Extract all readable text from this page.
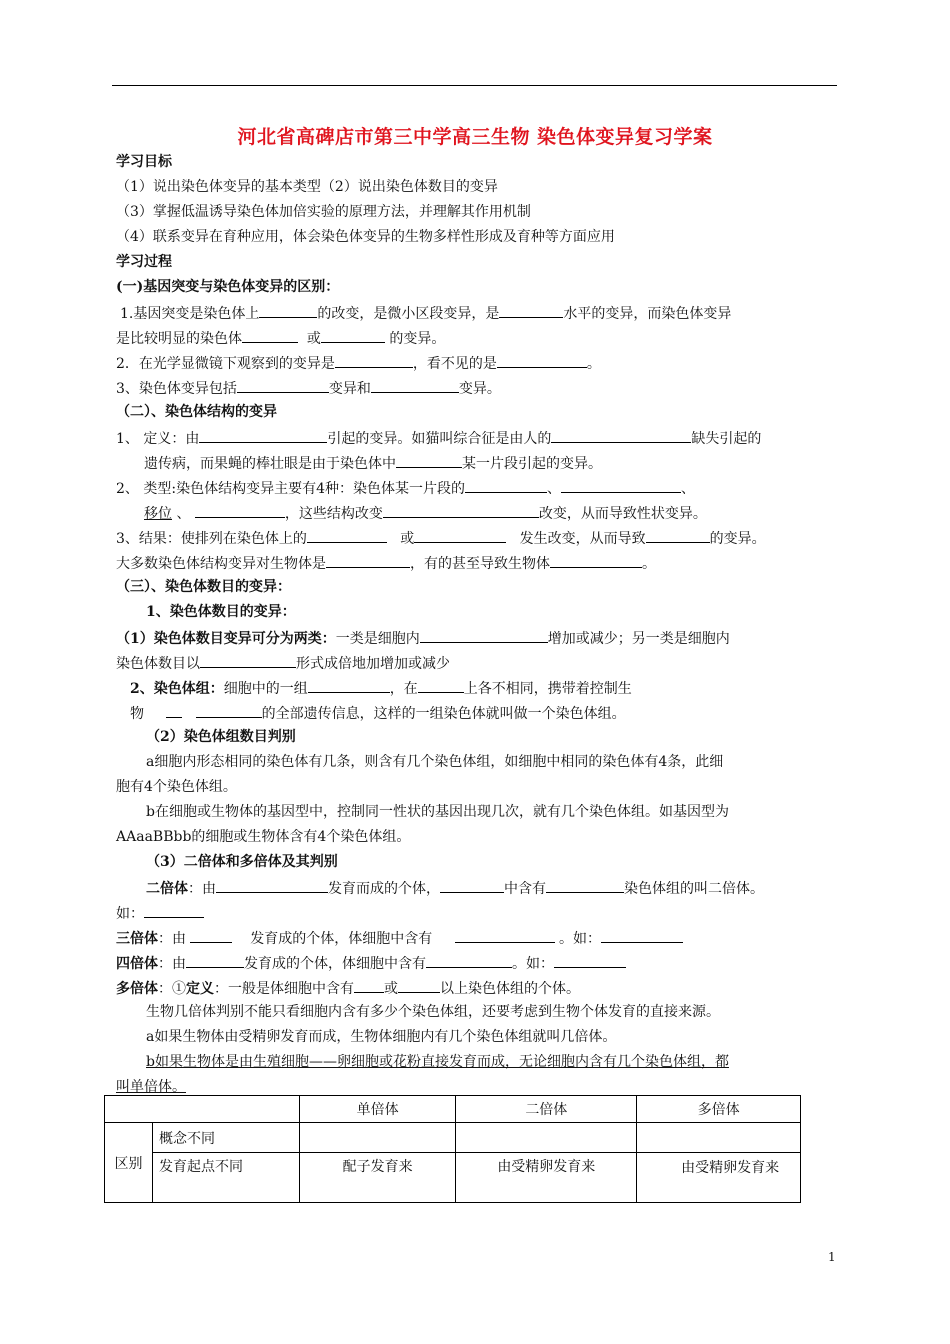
河北省高碑店市第三中学高三生物 染色体变异复习学案
学习目标
（1）说出染色体变异的基本类型（2）说出染色体数目的变异
（3）掌握低温诱导染色体加倍实验的原理方法，并理解其作用机制
（4）联系变异在育种应用，体会染色体变异的生物多样性形成及育种等方面应用
学习过程
(一)基因突变与染色体变异的区别：
1.基因突变是染色体上	的改变，是微小区段变异，是	水平的变异，而染色体变异
是比较明显的染色体	或	的变异。
2．在光学显微镜下观察到的变异是	，看不见的是	。
3、染色体变异包括	变异和	变异。
（二）、染色体结构的变异
1、 定义：由	引起的变异。如猫叫综合征是由人的	缺失引起的
遗传病，而果蝇的棒壮眼是由于染色体中	某一片段引起的变异。
2、 类型:染色体结构变异主要有4种：染色体某一片段的	、	、
移位 、	，这些结构改变	改变，从而导致性状变异。
3、结果：使排列在染色体上的	或	发生改变，从而导致	的变异。
大多数染色体结构变异对生物体是	，有的甚至导致生物体	。
（三）、染色体数目的变异：
1、染色体数目的变异：
（1）染色体数目变异可分为两类：一类是细胞内	增加或减少；另一类是细胞内
染色体数目以	形式成倍地加增加或减少
2、染色体组：细胞中的一组	，在	上各不相同，携带着控制生
物	的全部遗传信息，这样的一组染色体就叫做一个染色体组。
（2）染色体组数目判别
a细胞内形态相同的染色体有几条，则含有几个染色体组，如细胞中相同的染色体有4条，此细
胞有4个染色体组。
b在细胞或生物体的基因型中，控制同一性状的基因出现几次，就有几个染色体组。如基因型为
AAaaBBbb的细胞或生物体含有4个染色体组。
（3）二倍体和多倍体及其判别
二倍体：由	发育而成的个体，	中含有	染色体组的叫二倍体。
如：
三倍体：由	发育成的个体，体细胞中含有	。如：
四倍体：由	发育成的个体，体细胞中含有	。如：
多倍体：①定义：一般是体细胞中含有 或	以上染色体组的个体。
生物几倍体判别不能只看细胞内含有多少个染色体组，还要考虑到生物个体发育的直接来源。
a如果生物体由受精卵发育而成，生物体细胞内有几个染色体组就叫几倍体。
b如果生物体是由生殖细胞——卵细胞或花粉直接发育而成，无论细胞内含有几个染色体组，都
叫单倍体。
		单倍体	二倍体	多倍体
区别	概念不同			
	发育起点不同	配子发育来	由受精卵发育来	由受精卵发育来
1
